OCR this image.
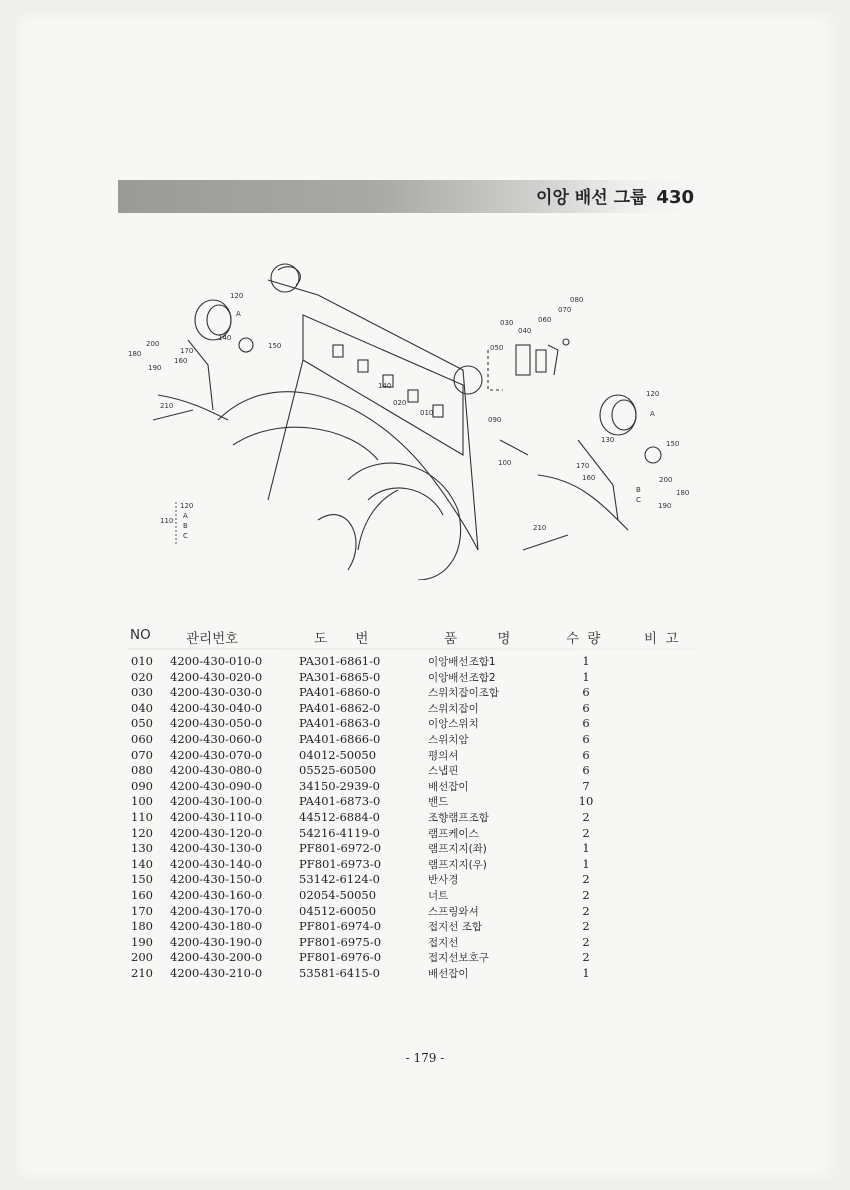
이앙 배선 그룹 430
120
A
140
150
170
160
200
180
190
210
030
040
060
070
080
050
090
100
140
020
010
120
A
150
130
170
160	200
180
190
B
C
210
110
120
A
B
C
NO	관리번호	도 번	품 명	수 량	비 고
010 4200-430-010-0	PA301-6861-0	이앙배선조합1	1
020 4200-430-020-0	PA301-6865-0	이앙배선조합2	1
030 4200-430-030-0	PA401-6860-0	스위치잡이조합	6
040 4200-430-040-0	PA401-6862-0	스위치잡이	6
050 4200-430-050-0	PA401-6863-0	이앙스위치	6
060 4200-430-060-0	PA401-6866-0	스위치암	6
070 4200-430-070-0	04012-50050	평의셔	6
080 4200-430-080-0	05525-60500	스냅핀	6
090 4200-430-090-0	34150-2939-0	배선잡이	7
100 4200-430-100-0	PA401-6873-0	밴드	10
110 4200-430-110-0	44512-6884-0	조향램프조합	2
120 4200-430-120-0	54216-4119-0	램프케이스	2
130 4200-430-130-0	PF801-6972-0	램프지지(좌)	1
140 4200-430-140-0	PF801-6973-0	램프지지(우)	1
150 4200-430-150-0	53142-6124-0	반사경	2
160 4200-430-160-0	02054-50050	너트	2
170 4200-430-170-0	04512-60050	스프링와셔	2
180 4200-430-180-0	PF801-6974-0	접지선 조합	2
190 4200-430-190-0	PF801-6975-0	접지선	2
200 4200-430-200-0	PF801-6976-0	접지선보호구	2
210 4200-430-210-0	53581-6415-0	배선잡이	1
- 179 -
